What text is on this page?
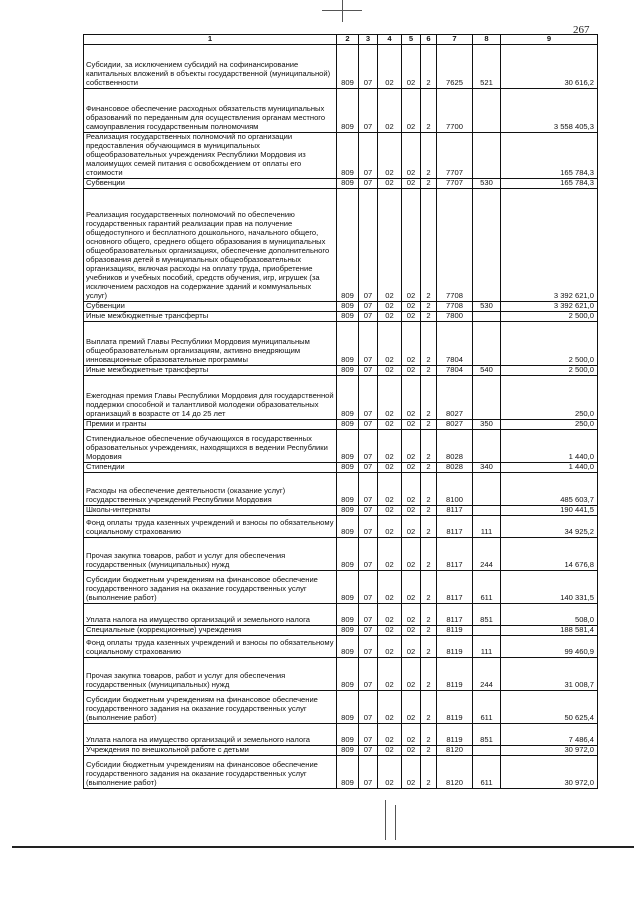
267
1	2	3	4	5	6	7	8	9
Субсидии, за исключением субсидий на софинансирование капитальных вложений в объекты государственной (муниципальной) собственности	809	07	02	02	2	7625	521	30 616,2
Финансовое обеспечение расходных обязательств муниципальных образований по переданным для осуществления органам местного самоуправления государственным полномочиям	809	07	02	02	2	7700		3 558 405,3
Реализация государственных полномочий по организации предоставления обучающимся в муниципальных общеобразовательных учреждениях Республики Мордовия из малоимущих семей питания с освобождением от оплаты его стоимости	809	07	02	02	2	7707		165 784,3
Субвенции	809	07	02	02	2	7707	530	165 784,3
Реализация государственных полномочий по обеспечению государственных гарантий реализации прав на получение общедоступного и бесплатного дошкольного, начального общего, основного общего, среднего общего образования в муниципальных общеобразовательных организациях, обеспечение дополнительного образования детей в муниципальных общеобразовательных организациях, включая расходы на оплату труда, приобретение учебников и учебных пособий, средств обучения, игр, игрушек (за исключением расходов на содержание зданий и коммунальных услуг)	809	07	02	02	2	7708		3 392 621,0
Субвенции	809	07	02	02	2	7708	530	3 392 621,0
Иные межбюджетные трансферты	809	07	02	02	2	7800		2 500,0
Выплата премий Главы Республики Мордовия муниципальным общеобразовательным организациям, активно внедряющим инновационные образовательные программы	809	07	02	02	2	7804		2 500,0
Иные межбюджетные трансферты	809	07	02	02	2	7804	540	2 500,0
Ежегодная премия Главы Республики Мордовия для государственной поддержки способной и талантливой молодежи образовательных организаций в возрасте от 14 до 25 лет	809	07	02	02	2	8027		250,0
Премии и гранты	809	07	02	02	2	8027	350	250,0
Стипендиальное обеспечение обучающихся в государственных образовательных учреждениях, находящихся в ведении Республики Мордовия	809	07	02	02	2	8028		1 440,0
Стипендии	809	07	02	02	2	8028	340	1 440,0
Расходы на обеспечение деятельности (оказание услуг) государственных учреждений Республики Мордовия	809	07	02	02	2	8100		485 603,7
Школы-интернаты	809	07	02	02	2	8117		190 441,5
Фонд оплаты труда казенных учреждений и взносы по обязательному социальному страхованию	809	07	02	02	2	8117	111	34 925,2
Прочая закупка товаров, работ и услуг для обеспечения государственных (муниципальных) нужд	809	07	02	02	2	8117	244	14 676,8
Субсидии бюджетным учреждениям на финансовое обеспечение государственного задания на оказание государственных услуг (выполнение работ)	809	07	02	02	2	8117	611	140 331,5
Уплата налога на имущество организаций и земельного налога	809	07	02	02	2	8117	851	508,0
Специальные (коррекционные) учреждения	809	07	02	02	2	8119		188 581,4
Фонд оплаты труда казенных учреждений и взносы по обязательному социальному страхованию	809	07	02	02	2	8119	111	99 460,9
Прочая закупка товаров, работ и услуг для обеспечения государственных (муниципальных) нужд	809	07	02	02	2	8119	244	31 008,7
Субсидии бюджетным учреждениям на финансовое обеспечение государственного задания на оказание государственных услуг (выполнение работ)	809	07	02	02	2	8119	611	50 625,4
Уплата налога на имущество организаций и земельного налога	809	07	02	02	2	8119	851	7 486,4
Учреждения по внешкольной работе с детьми	809	07	02	02	2	8120		30 972,0
Субсидии бюджетным учреждениям на финансовое обеспечение государственного задания на оказание государственных услуг (выполнение работ)	809	07	02	02	2	8120	611	30 972,0
